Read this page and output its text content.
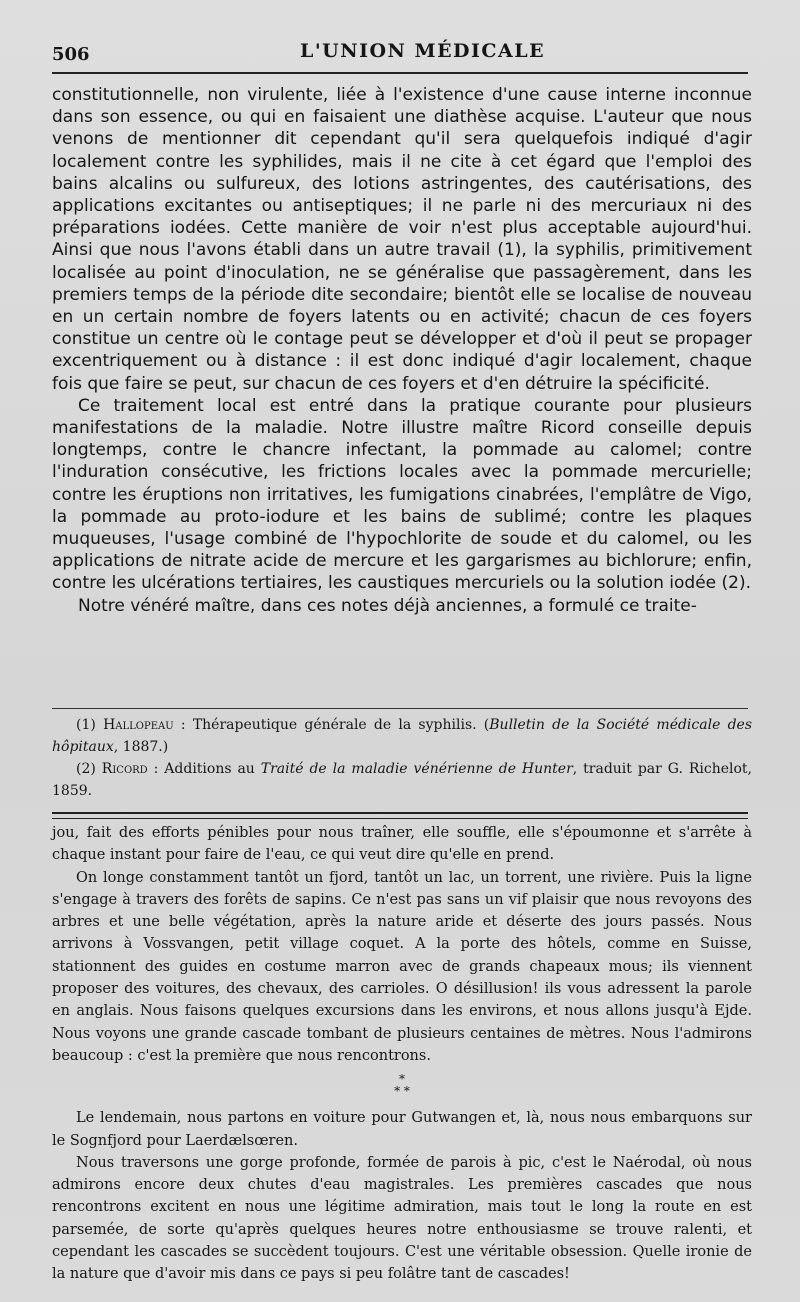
506	L'UNION MÉDICALE

constitutionnelle, non virulente, liée à l'existence d'une cause interne inconnue dans son essence, ou qui en faisaient une diathèse acquise. L'auteur que nous venons de mentionner dit cependant qu'il sera quelquefois indiqué d'agir localement contre les syphilides, mais il ne cite à cet égard que l'emploi des bains alcalins ou sulfureux, des lotions astringentes, des cautérisations, des applications excitantes ou antiseptiques; il ne parle ni des mercuriaux ni des préparations iodées. Cette manière de voir n'est plus acceptable aujourd'hui. Ainsi que nous l'avons établi dans un autre travail (1), la syphilis, primitivement localisée au point d'inoculation, ne se généralise que passagèrement, dans les premiers temps de la période dite secondaire; bientôt elle se localise de nouveau en un certain nombre de foyers latents ou en activité; chacun de ces foyers constitue un centre où le contage peut se développer et d'où il peut se propager excentriquement ou à distance : il est donc indiqué d'agir localement, chaque fois que faire se peut, sur chacun de ces foyers et d'en détruire la spécificité.

Ce traitement local est entré dans la pratique courante pour plusieurs manifestations de la maladie. Notre illustre maître Ricord conseille depuis longtemps, contre le chancre infectant, la pommade au calomel; contre l'induration consécutive, les frictions locales avec la pommade mercurielle; contre les éruptions non irritatives, les fumigations cinabrées, l'emplâtre de Vigo, la pommade au proto-iodure et les bains de sublimé; contre les plaques muqueuses, l'usage combiné de l'hypochlorite de soude et du calomel, ou les applications de nitrate acide de mercure et les gargarismes au bichlorure; enfin, contre les ulcérations tertiaires, les caustiques mercuriels ou la solution iodée (2).

Notre vénéré maître, dans ces notes déjà anciennes, a formulé ce traite-

(1) Hallopeau : Thérapeutique générale de la syphilis. (Bulletin de la Société médicale des hôpitaux, 1887.)

(2) Ricord : Additions au Traité de la maladie vénérienne de Hunter, traduit par G. Richelot, 1859.

jou, fait des efforts pénibles pour nous traîner, elle souffle, elle s'époumonne et s'arrête à chaque instant pour faire de l'eau, ce qui veut dire qu'elle en prend.

On longe constamment tantôt un fjord, tantôt un lac, un torrent, une rivière. Puis la ligne s'engage à travers des forêts de sapins. Ce n'est pas sans un vif plaisir que nous revoyons des arbres et une belle végétation, après la nature aride et déserte des jours passés. Nous arrivons à Vossvangen, petit village coquet. A la porte des hôtels, comme en Suisse, stationnent des guides en costume marron avec de grands chapeaux mous; ils viennent proposer des voitures, des chevaux, des carrioles. O désillusion! ils vous adressent la parole en anglais. Nous faisons quelques excursions dans les environs, et nous allons jusqu'à Ejde. Nous voyons une grande cascade tombant de plusieurs centaines de mètres. Nous l'admirons beaucoup : c'est la première que nous rencontrons.

*
* *

Le lendemain, nous partons en voiture pour Gutwangen et, là, nous nous embarquons sur le Sognfjord pour Laerdælsœren.

Nous traversons une gorge profonde, formée de parois à pic, c'est le Naérodal, où nous admirons encore deux chutes d'eau magistrales. Les premières cascades que nous rencontrons excitent en nous une légitime admiration, mais tout le long la route en est parsemée, de sorte qu'après quelques heures notre enthousiasme se trouve ralenti, et cependant les cascades se succèdent toujours. C'est une véritable obsession. Quelle ironie de la nature que d'avoir mis dans ce pays si peu folâtre tant de cascades!
